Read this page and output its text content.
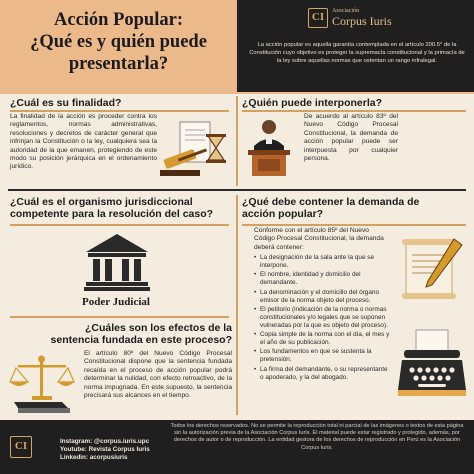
Acción Popular:
¿Qué es y quién puede
presentarla?
CI	Asociación
Corpus Iuris
La acción popular es aquella garantía contemplada en el artículo 200.5° de la Constitución cuyo objetivo es proteger la supremacía constitucional y la primacía de la ley sobre aquellas normas que ostentan un rango infralegal.
¿Cuál es su finalidad?
La finalidad de la acción es proceder contra los reglamentos, normas administrativas, resoluciones y decretos de carácter general que infrinjan la Constitución o la ley, cualquiera sea la autoridad de la que emanen, protegiendo de este modo su posición jerárquica en el ordenamiento jurídico.
¿Quién puede interponerla?
De acuerdo al artículo 83º del Nuevo Código Procesal Constitucional, la demanda de acción popular puede ser interpuesta por cualquier persona.
¿Cuál es el organismo jurisdiccional
competente para la resolución del caso?
Poder Judicial
¿Cuáles son los efectos de la
sentencia fundada en este proceso?
El artículo 80º del Nuevo Código Procesal Constitucional dispone que la sentencia fundada recaída en el proceso de acción popular podrá determinar la nulidad, con efecto retroactivo, de la norma impugnada. En este supuesto, la sentencia precisará sus alcances en el tiempo.
¿Qué debe contener la demanda de
acción popular?
Conforme con el artículo 85º del Nuevo Código Procesal Constitucional, la demanda deberá contener:
• La designación de la sala ante la que se interpone.
• El nombre, identidad y domicilio del demandante.
• La denominación y el domicilio del órgano emisor de la norma objeto del proceso.
• El petitorio (indicación de la norma o normas constitucionales y/o legales que se suponen vulneradas por la que es objeto del proceso).
• Copia simple de la norma con el día, el mes y el año de su publicación.
• Los fundamentos en que se sustenta la pretensión.
• La firma del demandante, o su representante o apoderado, y la del abogado.
CI	Instagram: @corpus.iuris.upc
Youtube: Revista Corpus Iuris
Linkedin: acorpusiuris
Todos los derechos reservados. No se permite la reproducción total ni parcial de las imágenes o textos de esta página sin la autorización previa de la Asociación Corpus Iuris. El material puede estar registrado y protegido, además, por derechos de autor o de reproducción. La entidad gestora de los derechos de reproducción en Perú es la Asociación Corpus Iuris.
